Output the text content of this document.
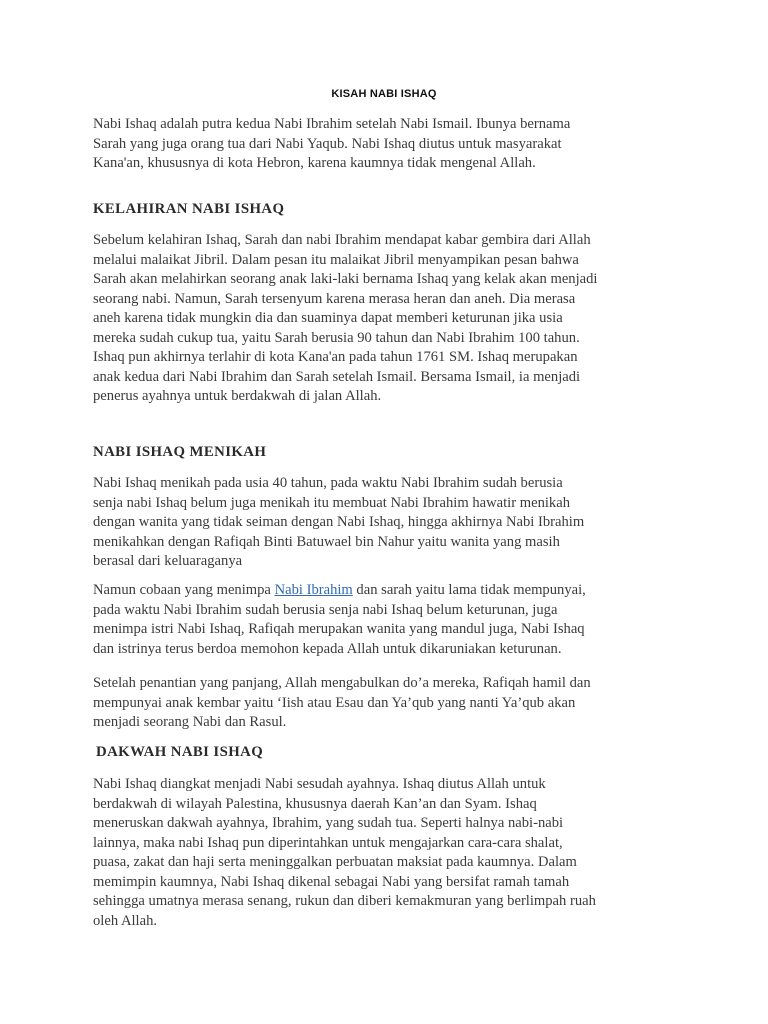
KISAH NABI ISHAQ

Nabi Ishaq adalah putra kedua Nabi Ibrahim setelah Nabi Ismail. Ibunya bernama
Sarah yang juga orang tua dari Nabi Yaqub. Nabi Ishaq diutus untuk masyarakat
Kana'an, khususnya di kota Hebron, karena kaumnya tidak mengenal Allah.

KELAHIRAN NABI ISHAQ

Sebelum kelahiran Ishaq, Sarah dan nabi Ibrahim mendapat kabar gembira dari Allah
melalui malaikat Jibril. Dalam pesan itu malaikat Jibril menyampikan pesan bahwa
Sarah akan melahirkan seorang anak laki-laki bernama Ishaq yang kelak akan menjadi
seorang nabi. Namun, Sarah tersenyum karena merasa heran dan aneh. Dia merasa
aneh karena tidak mungkin dia dan suaminya dapat memberi keturunan jika usia
mereka sudah cukup tua, yaitu Sarah berusia 90 tahun dan Nabi Ibrahim 100 tahun.
Ishaq pun akhirnya terlahir di kota Kana'an pada tahun 1761 SM. Ishaq merupakan
anak kedua dari Nabi Ibrahim dan Sarah setelah Ismail. Bersama Ismail, ia menjadi
penerus ayahnya untuk berdakwah di jalan Allah.

NABI ISHAQ MENIKAH

Nabi Ishaq menikah pada usia 40 tahun, pada waktu Nabi Ibrahim sudah berusia
senja nabi Ishaq belum juga menikah itu membuat Nabi Ibrahim hawatir menikah
dengan wanita yang tidak seiman dengan Nabi Ishaq, hingga akhirnya Nabi Ibrahim
menikahkan dengan Rafiqah Binti Batuwael bin Nahur yaitu wanita yang masih
berasal dari keluaraganya

Namun cobaan yang menimpa Nabi Ibrahim dan sarah yaitu lama tidak mempunyai,
pada waktu Nabi Ibrahim sudah berusia senja nabi Ishaq belum keturunan, juga
menimpa istri Nabi Ishaq, Rafiqah merupakan wanita yang mandul juga, Nabi Ishaq
dan istrinya terus berdoa memohon kepada Allah untuk dikaruniakan keturunan.

Setelah penantian yang panjang, Allah mengabulkan do’a mereka, Rafiqah hamil dan
mempunyai anak kembar yaitu ‘Iish atau Esau dan Ya’qub yang nanti Ya’qub akan
menjadi seorang Nabi dan Rasul.

DAKWAH NABI ISHAQ

Nabi Ishaq diangkat menjadi Nabi sesudah ayahnya. Ishaq diutus Allah untuk
berdakwah di wilayah Palestina, khususnya daerah Kan’an dan Syam. Ishaq
meneruskan dakwah ayahnya, Ibrahim, yang sudah tua. Seperti halnya nabi-nabi
lainnya, maka nabi Ishaq pun diperintahkan untuk mengajarkan cara-cara shalat,
puasa, zakat dan haji serta meninggalkan perbuatan maksiat pada kaumnya. Dalam
memimpin kaumnya, Nabi Ishaq dikenal sebagai Nabi yang bersifat ramah tamah
sehingga umatnya merasa senang, rukun dan diberi kemakmuran yang berlimpah ruah
oleh Allah.
